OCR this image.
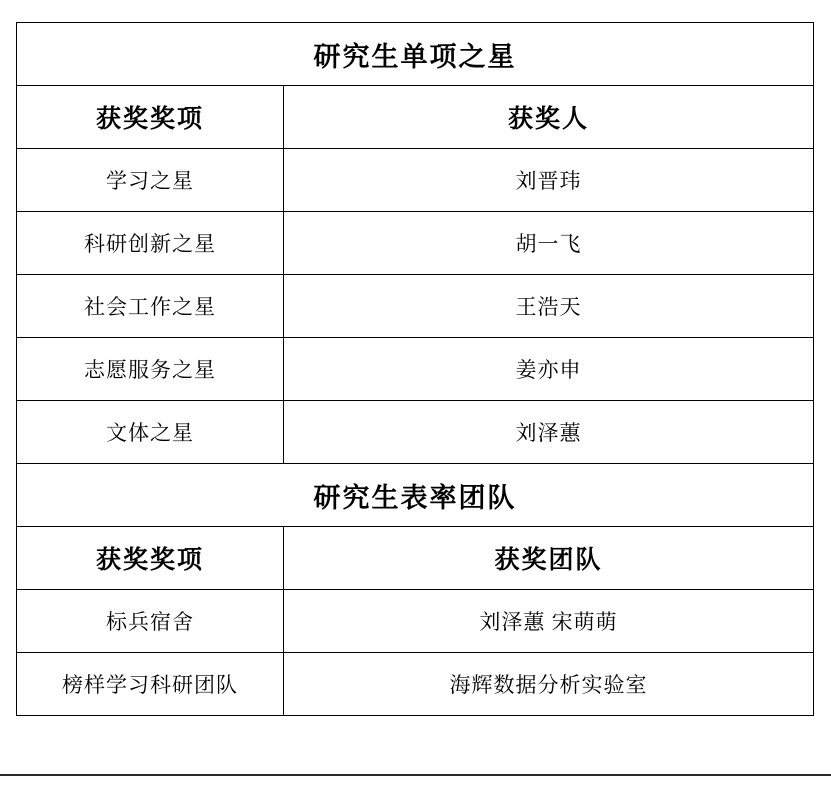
研究生单项之星	
获奖奖项	获奖人
学习之星	刘晋玮
科研创新之星	胡一飞
社会工作之星	王浩天
志愿服务之星	姜亦申
文体之星	刘泽蕙
研究生表率团队	
获奖奖项	获奖团队
标兵宿舍	刘泽蕙 宋萌萌
榜样学习科研团队	海辉数据分析实验室
